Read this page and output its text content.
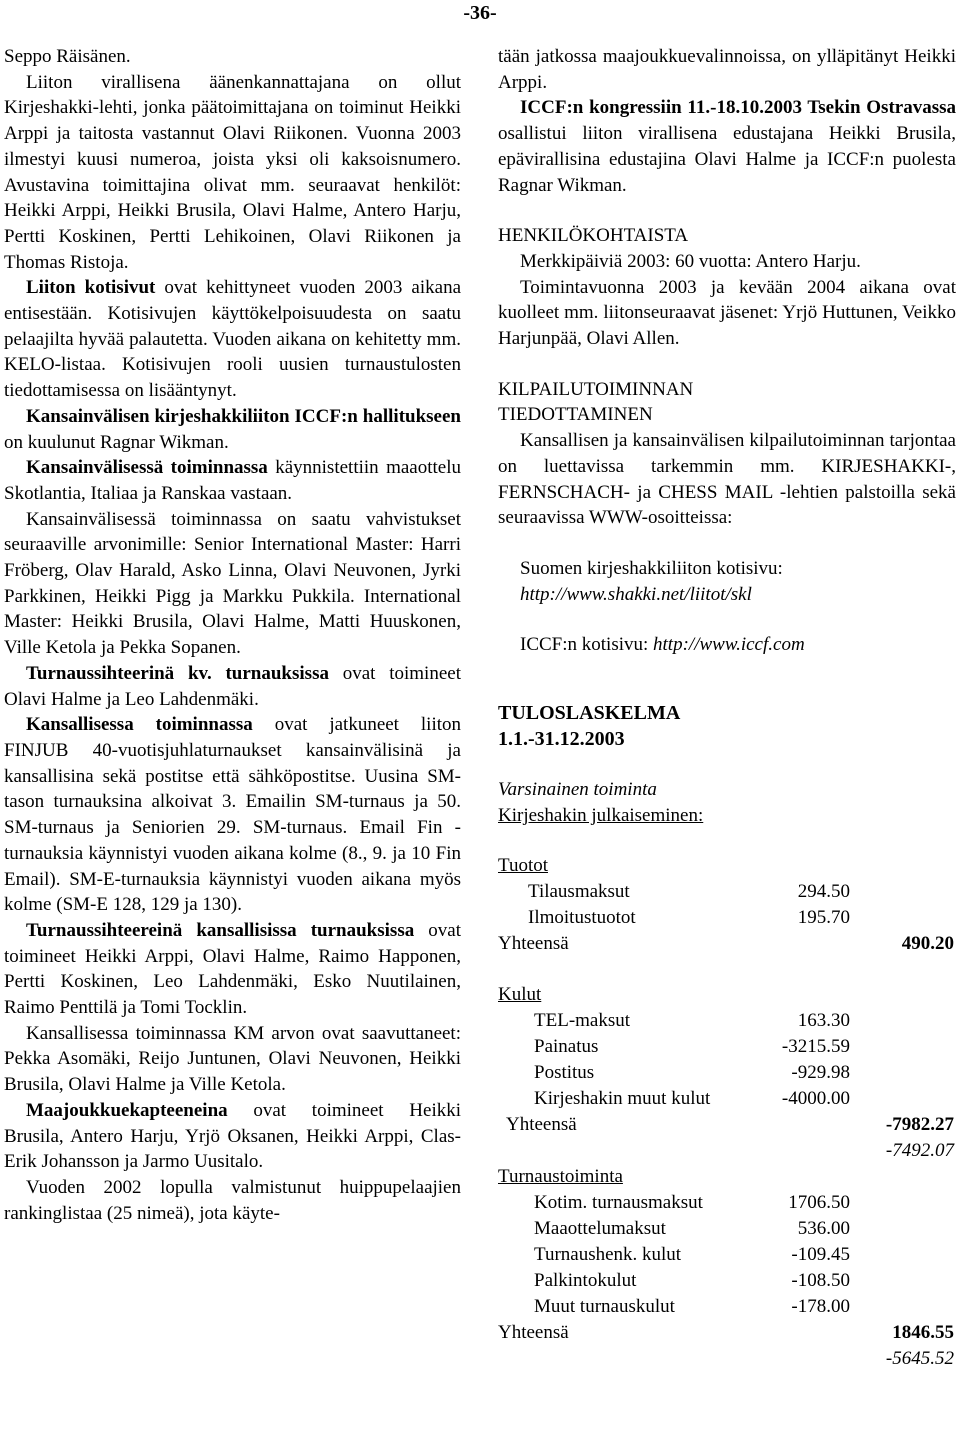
-36-

Seppo Räisänen.

Liiton virallisena äänenkannattajana on ollut Kirjeshakki-lehti, jonka päätoimittajana on toiminut Heikki Arppi ja taitosta vastannut Olavi Riikonen. Vuonna 2003 ilmestyi kuusi numeroa, joista yksi oli kaksoisnumero. Avustavina toimittajina olivat mm. seuraavat henkilöt: Heikki Arppi, Heikki Brusila, Olavi Halme, Antero Harju, Pertti Koskinen, Pertti Lehikoinen, Olavi Riikonen ja Thomas Ristoja.

Liiton kotisivut ovat kehittyneet vuoden 2003 aikana entisestään. Kotisivujen käyttökelpoisuudesta on saatu pelaajilta hyvää palautetta. Vuoden aikana on kehitetty mm. KELO-listaa. Kotisivujen rooli uusien turnaustulosten tiedottamisessa on lisääntynyt.

Kansainvälisen kirjeshakkiliiton ICCF:n hallitukseen on kuulunut Ragnar Wikman.

Kansainvälisessä toiminnassa käynnistettiin maaottelu Skotlantia, Italiaa ja Ranskaa vastaan.

Kansainvälisessä toiminnassa on saatu vahvistukset seuraaville arvonimille: Senior International Master: Harri Fröberg, Olav Harald, Asko Linna, Olavi Neuvonen, Jyrki Parkkinen, Heikki Pigg ja Markku Pukkila. International Master: Heikki Brusila, Olavi Halme, Matti Huuskonen, Ville Ketola ja Pekka Sopanen.

Turnaussihteerinä kv. turnauksissa ovat toimineet Olavi Halme ja Leo Lahdenmäki.

Kansallisessa toiminnassa ovat jatkuneet liiton FINJUB 40-vuotisjuhlaturnaukset kansainvälisinä ja kansallisina sekä postitse että sähköpostitse. Uusina SM-tason turnauksina alkoivat 3. Emailin SM-turnaus ja 50. SM-turnaus ja Seniorien 29. SM-turnaus. Email Fin -turnauksia käynnistyi vuoden aikana kolme (8., 9. ja 10 Fin Email). SM-E-turnauksia käynnistyi vuoden aikana myös kolme (SM-E 128, 129 ja 130).

Turnaussihteereinä kansallisissa turnauksissa ovat toimineet Heikki Arppi, Olavi Halme, Raimo Happonen, Pertti Koskinen, Leo Lahdenmäki, Esko Nuutilainen, Raimo Penttilä ja Tomi Tocklin.

Kansallisessa toiminnassa KM arvon ovat saavuttaneet: Pekka Asomäki, Reijo Juntunen, Olavi Neuvonen, Heikki Brusila, Olavi Halme ja Ville Ketola.

Maajoukkuekapteeneina ovat toimineet Heikki Brusila, Antero Harju, Yrjö Oksanen, Heikki Arppi, Clas-Erik Johansson ja Jarmo Uusitalo.

Vuoden 2002 lopulla valmistunut huippupelaajien rankinglistaa (25 nimeä), jota käyte-

tään jatkossa maajoukkuevalinnoissa, on ylläpitänyt Heikki Arppi.

ICCF:n kongressiin 11.-18.10.2003 Tsekin Ostravassa osallistui liiton virallisena edustajana Heikki Brusila, epävirallisina edustajina Olavi Halme ja ICCF:n puolesta Ragnar Wikman.

HENKILÖKOHTAISTA

Merkkipäiviä 2003: 60 vuotta: Antero Harju.

Toimintavuonna 2003 ja kevään 2004 aikana ovat kuolleet mm. liitonseuraavat jäsenet: Yrjö Huttunen, Veikko Harjunpää, Olavi Allen.

KILPAILUTOIMINNAN

TIEDOTTAMINEN

Kansallisen ja kansainvälisen kilpailutoiminnan tarjontaa on luettavissa tarkemmin mm. KIRJESHAKKI-, FERNSCHACH- ja CHESS MAIL -lehtien palstoilla sekä seuraavissa WWW-osoitteissa:

Suomen kirjeshakkiliiton kotisivu:

http://www.shakki.net/liitot/skl

ICCF:n kotisivu: http://www.iccf.com

TULOSLASKELMA

1.1.-31.12.2003

Varsinainen toiminta

Kirjeshakin julkaiseminen:

Tuotot

Tilausmaksut	294.50
Ilmoitustuotot	195.70
Yhteensä	490.20

Kulut

TEL-maksut	163.30
Painatus	-3215.59
Postitus	-929.98
Kirjeshakin muut kulut	-4000.00
Yhteensä	-7982.27
-7492.07

Turnaustoiminta

Kotim. turnausmaksut	1706.50
Maaottelumaksut	536.00
Turnaushenk. kulut	-109.45
Palkintokulut	-108.50
Muut turnauskulut	-178.00
Yhteensä	1846.55
-5645.52
